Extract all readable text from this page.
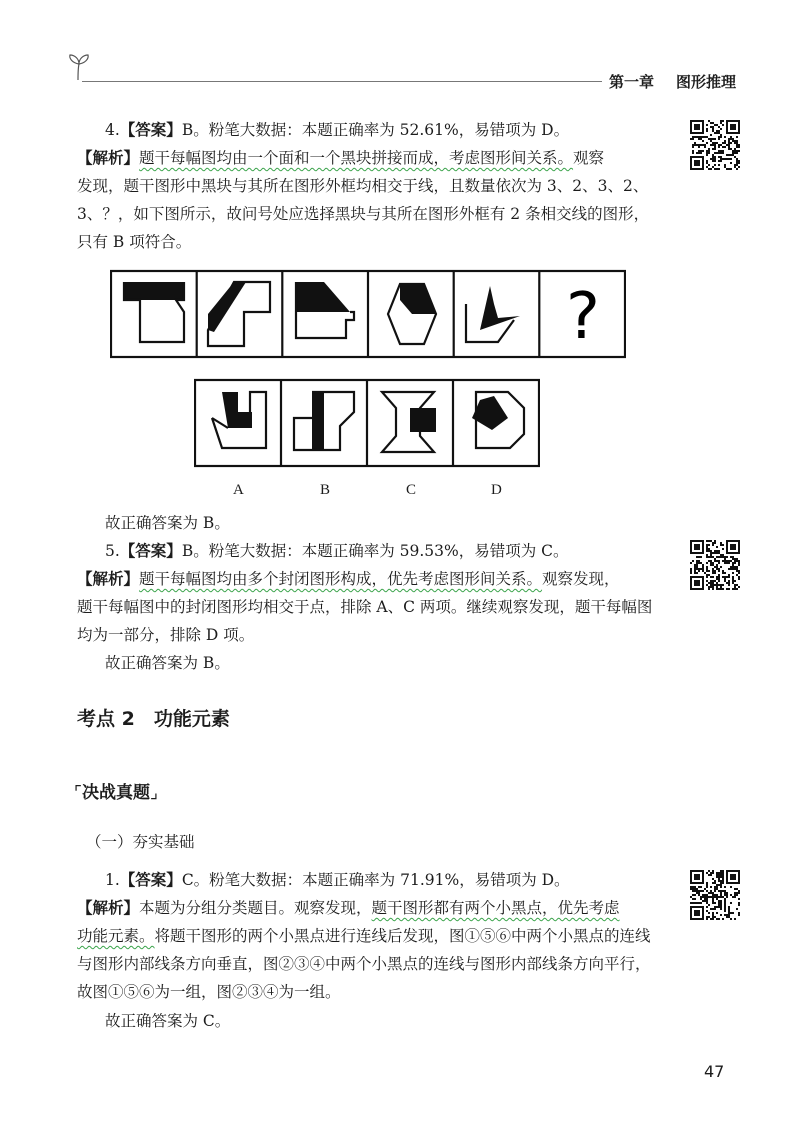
第一章 图形推理
4.【答案】B。粉笔大数据：本题正确率为 52.61%，易错项为 D。
【解析】题干每幅图均由一个面和一个黑块拼接而成，考虑图形间关系。观察
发现，题干图形中黑块与其所在图形外框均相交于线，且数量依次为 3、2、3、2、
3、？，如下图所示，故问号处应选择黑块与其所在图形外框有 2 条相交线的图形，
只有 B 项符合。
?
A	B	C	D
故正确答案为 B。
5.【答案】B。粉笔大数据：本题正确率为 59.53%，易错项为 C。
【解析】题干每幅图均由多个封闭图形构成，优先考虑图形间关系。观察发现，
题干每幅图中的封闭图形均相交于点，排除 A、C 两项。继续观察发现，题干每幅图
均为一部分，排除 D 项。
故正确答案为 B。
考点 2　功能元素
⌜决战真题⌟
（一）夯实基础
1.【答案】C。粉笔大数据：本题正确率为 71.91%，易错项为 D。
【解析】本题为分组分类题目。观察发现，题干图形都有两个小黑点，优先考虑
功能元素。将题干图形的两个小黑点进行连线后发现，图①⑤⑥中两个小黑点的连线
与图形内部线条方向垂直，图②③④中两个小黑点的连线与图形内部线条方向平行，
故图①⑤⑥为一组，图②③④为一组。
故正确答案为 C。
47
